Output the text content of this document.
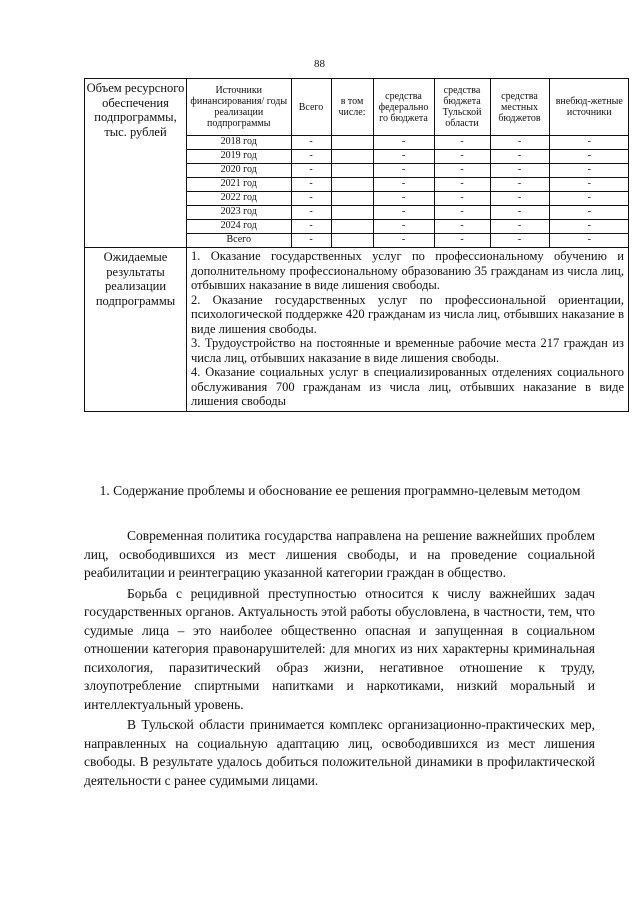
88
Объем ресурсного обеспечения подпрограммы, тыс. рублей	
Источники финансирования/ годы реализации подпрограммы	Всего	в том числе:	средства федерально го бюджета	средства бюджета Тульской области	средства местных бюджетов	внебюд-жетные источники
2018 год	-		-	-	-	-
2019 год	-		-	-	-	-
2020 год	-		-	-	-	-
2021 год	-		-	-	-	-
2022 год	-		-	-	-	-
2023 год	-		-	-	-	-
2024 год	-		-	-	-	-
Всего	-		-	-	-	-

Ожидаемые результаты реализации подпрограммы	

1. Оказание государственных услуг по профессиональному обучению и дополнительному профессиональному образованию 35 гражданам из числа лиц, отбывших наказание в виде лишения свободы.

2. Оказание государственных услуг по профессиональной ориентации, психологической поддержке 420 гражданам из числа лиц, отбывших наказание в виде лишения свободы.

3. Трудоустройство на постоянные и временные рабочие места 217 граждан из числа лиц, отбывших наказание в виде лишения свободы.

4. Оказание социальных услуг в специализированных отделениях социального обслуживания 700 гражданам из числа лиц, отбывших наказание в виде лишения свободы

1. Содержание проблемы и обоснование ее решения программно-целевым методом

Современная политика государства направлена на решение важнейших проблем лиц, освободившихся из мест лишения свободы, и на проведение социальной реабилитации и реинтеграцию указанной категории граждан в общество.

Борьба с рецидивной преступностью относится к числу важнейших задач государственных органов. Актуальность этой работы обусловлена, в частности, тем, что судимые лица – это наиболее общественно опасная и запущенная в социальном отношении категория правонарушителей: для многих из них характерны криминальная психология, паразитический образ жизни, негативное отношение к труду, злоупотребление спиртными напитками и наркотиками, низкий моральный и интеллектуальный уровень.

В Тульской области принимается комплекс организационно-практических мер, направленных на социальную адаптацию лиц, освободившихся из мест лишения свободы. В результате удалось добиться положительной динамики в профилактической деятельности с ранее судимыми лицами.
